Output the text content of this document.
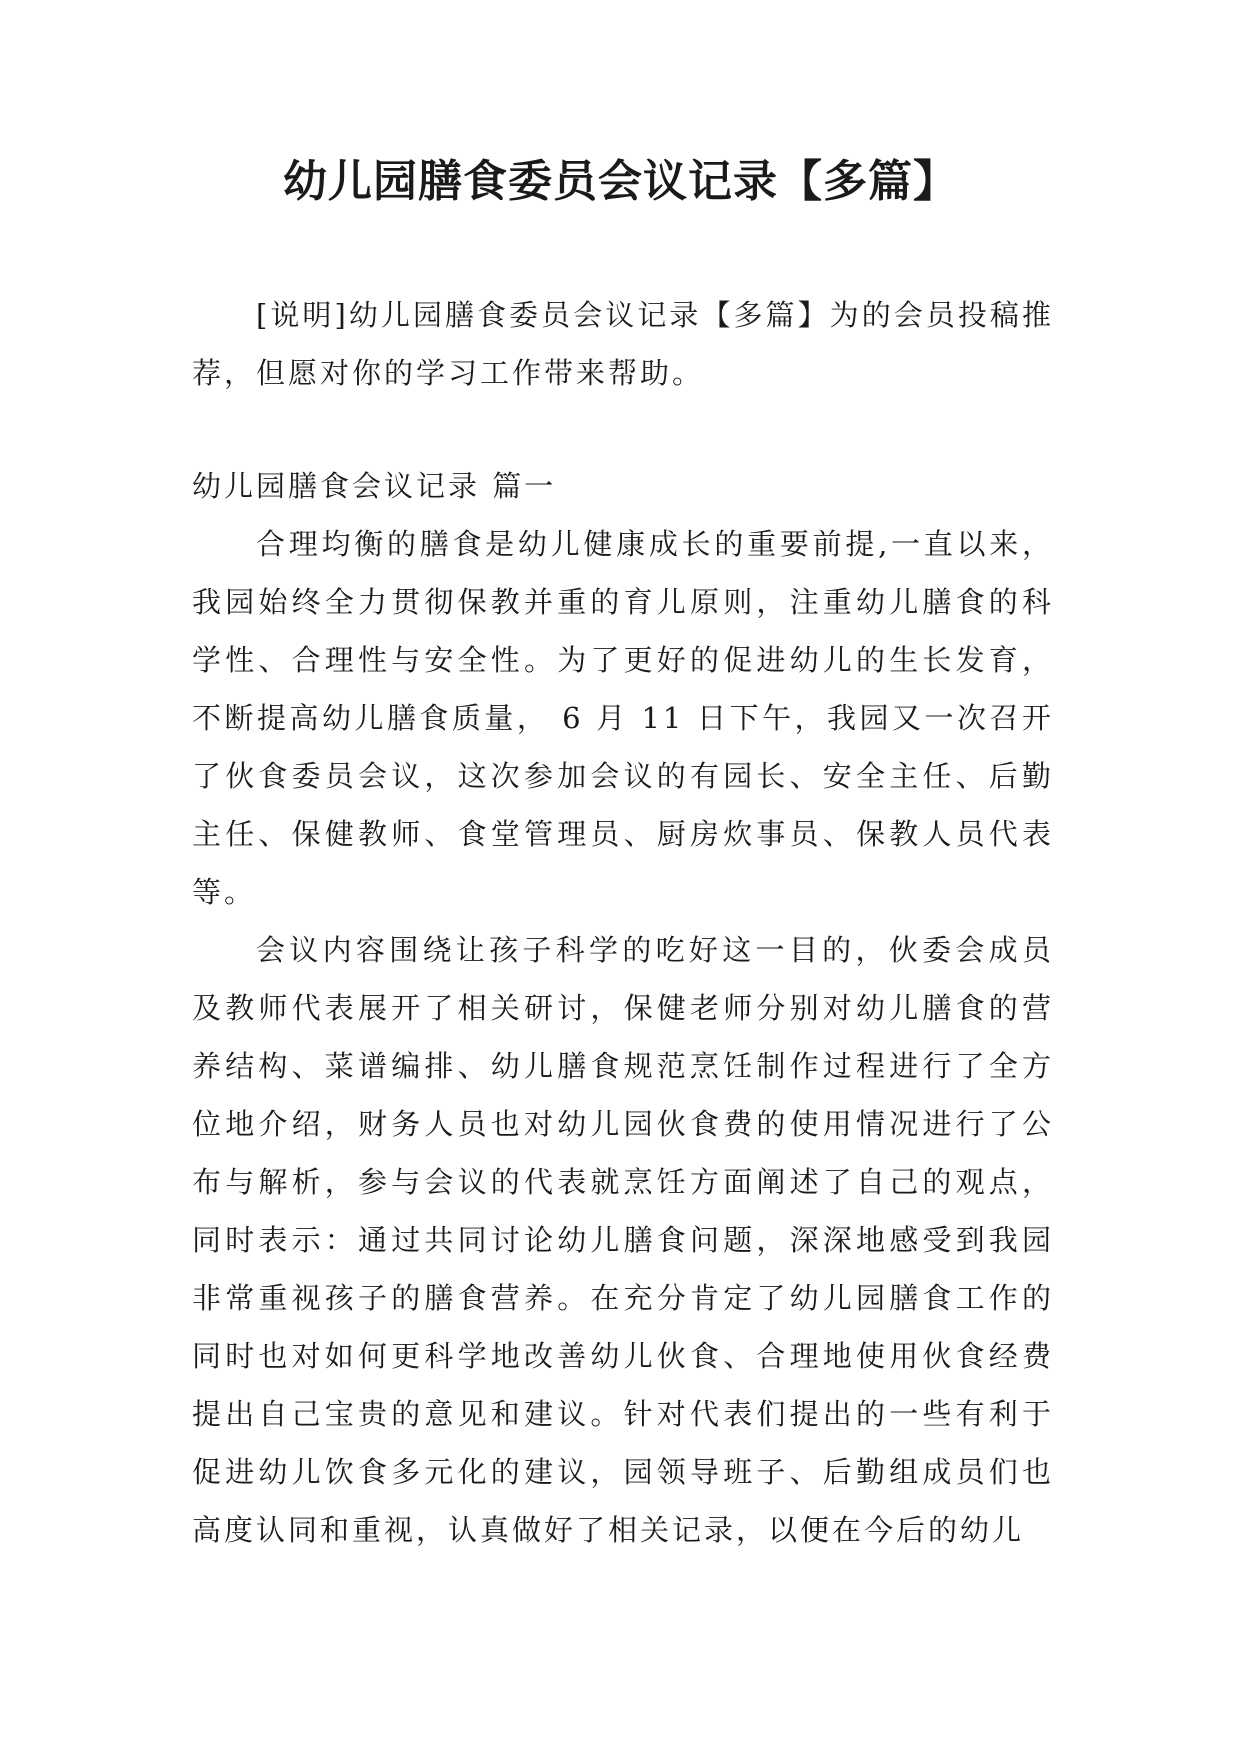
幼儿园膳食委员会议记录【多篇】

[说明]幼儿园膳食委员会议记录【多篇】为的会员投稿推荐，但愿对你的学习工作带来帮助。

幼儿园膳食会议记录 篇一

合理均衡的膳食是幼儿健康成长的重要前提,一直以来，我园始终全力贯彻保教并重的育儿原则，注重幼儿膳食的科学性、合理性与安全性。为了更好的促进幼儿的生长发育，不断提高幼儿膳食质量， 6 月 11 日下午，我园又一次召开了伙食委员会议，这次参加会议的有园长、安全主任、后勤主任、保健教师、食堂管理员、厨房炊事员、保教人员代表等。

会议内容围绕让孩子科学的吃好这一目的，伙委会成员及教师代表展开了相关研讨，保健老师分别对幼儿膳食的营养结构、菜谱编排、幼儿膳食规范烹饪制作过程进行了全方位地介绍，财务人员也对幼儿园伙食费的使用情况进行了公布与解析，参与会议的代表就烹饪方面阐述了自己的观点，同时表示：通过共同讨论幼儿膳食问题，深深地感受到我园非常重视孩子的膳食营养。在充分肯定了幼儿园膳食工作的同时也对如何更科学地改善幼儿伙食、合理地使用伙食经费提出自己宝贵的意见和建议。针对代表们提出的一些有利于促进幼儿饮食多元化的建议，园领导班子、后勤组成员们也高度认同和重视，认真做好了相关记录，以便在今后的幼儿
